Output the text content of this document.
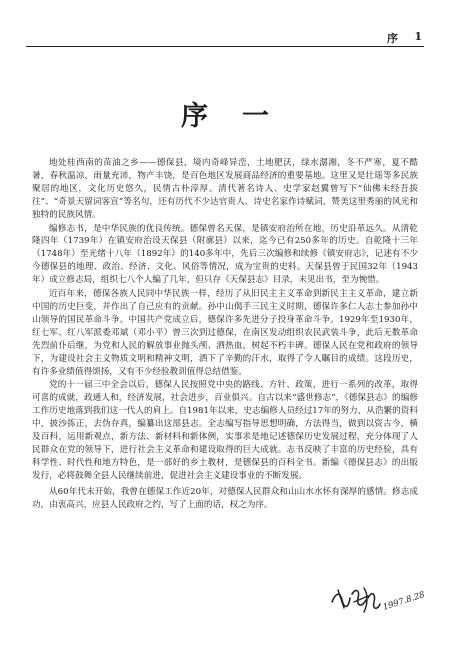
序 1
序一

地处桂西南的苗油之乡——德保县，境内奇峰异峦，土地肥沃，绿水潺湘，冬不严寒，夏不酷暑，春秋温凉，雨量充沛，物产丰饶，是百色地区发展商品经济的重要基地。这里又是壮瑶等多民族聚居的地区，文化历史悠久，民情古朴淳厚。清代著名诗人、史学家赵翼曾写下“仙佛未经吾拔往”、“奇景天留词客宣”等名句，还有历代不少达官贵人、诗史名家作诗赋词，赞美这里秀丽的风光和独特的民族风情。

编修志书，是中华民族的优良传统。德保曾名天保，是镇安府治所在地，历史沿革远久。从清乾隆四年（1739年）在镇安府治设天保县（附廓县）以来，迄今已有250多年的历史。自乾隆十三年（1748年）至光绪十八年（1892年）的140多年中，先后三次编修和续修《镇安府志》，记述有不少今德保县的地理、政治、经济、文化、风俗等情况，成为宝贵的史料。天保县曾于民国32年（1943年）成立修志局，组织七八个人编了几年，但只存《天保县志》目录，未见出书，至为惋惜。

近百年来，德保各族人民同中华民族一样，经历了从旧民主主义革命到新民主主义革命，建立新中国的历史巨变，并作出了自己应有的贡献。孙中山偈手三民主义时期，德保许多仁人志士参加孙中山领导的国民革命斗争。中国共产党成立后，德保许多先进分子投身革命斗争。1929年至1930年，红七军、红八军派委邓斌（邓小平）曾三次到过德保，在南区发动组织农民武装斗争，此后无数革命先烈前仆后继，为党和人民的解放事业抛头颅、洒热血，树起不朽丰碑。德保人民在党和政府的领导下，为建设社会主义物质文明和精神文明，洒下了辛勤的汗水，取得了令人瞩目的成绩。这段历史，有许多业绩值得颂扬，又有不少经验教训值得总结借鉴。

党的十一届三中全会以后，德保人民按照党中央的路线、方针、政策，进行一系列的改革，取得可喜的成就，政通人和，经济发展，社会进步，百业俱兴。自古以来“盛世修志”，《德保县志》的编修工作历史地落到我们这一代人的肩上。自1981年以来，史志编修人员经过17年的努力，从浩繁的资料中，披沙拣正，去伪存真，编纂出这部县志。全志编写指导思想明确，方法得当，做到以资古今，横及百科，运用新观点，新方法、新材料和新体例，实事求是地记述德保历史发展过程，充分体现了人民群众在党的领导下，进行社会主义革命和建设取得的巨大成就。志书反映了丰富的历史经验，具有科学性、时代性和地方特色，是一部好的乡土教材，是德保县的百科全书。新编《德保县志》的出版发行，必将鼓舞全县人民继续前进，促进社会主义建设事业的不断发展。

从60年代末开始，我曾在德保工作近20年，对德保人民群众和山山水水怀有深厚的感情。修志成功，由衷高兴，应县人民政府之约，写了上面的话，权之为序。

1997.8.28
